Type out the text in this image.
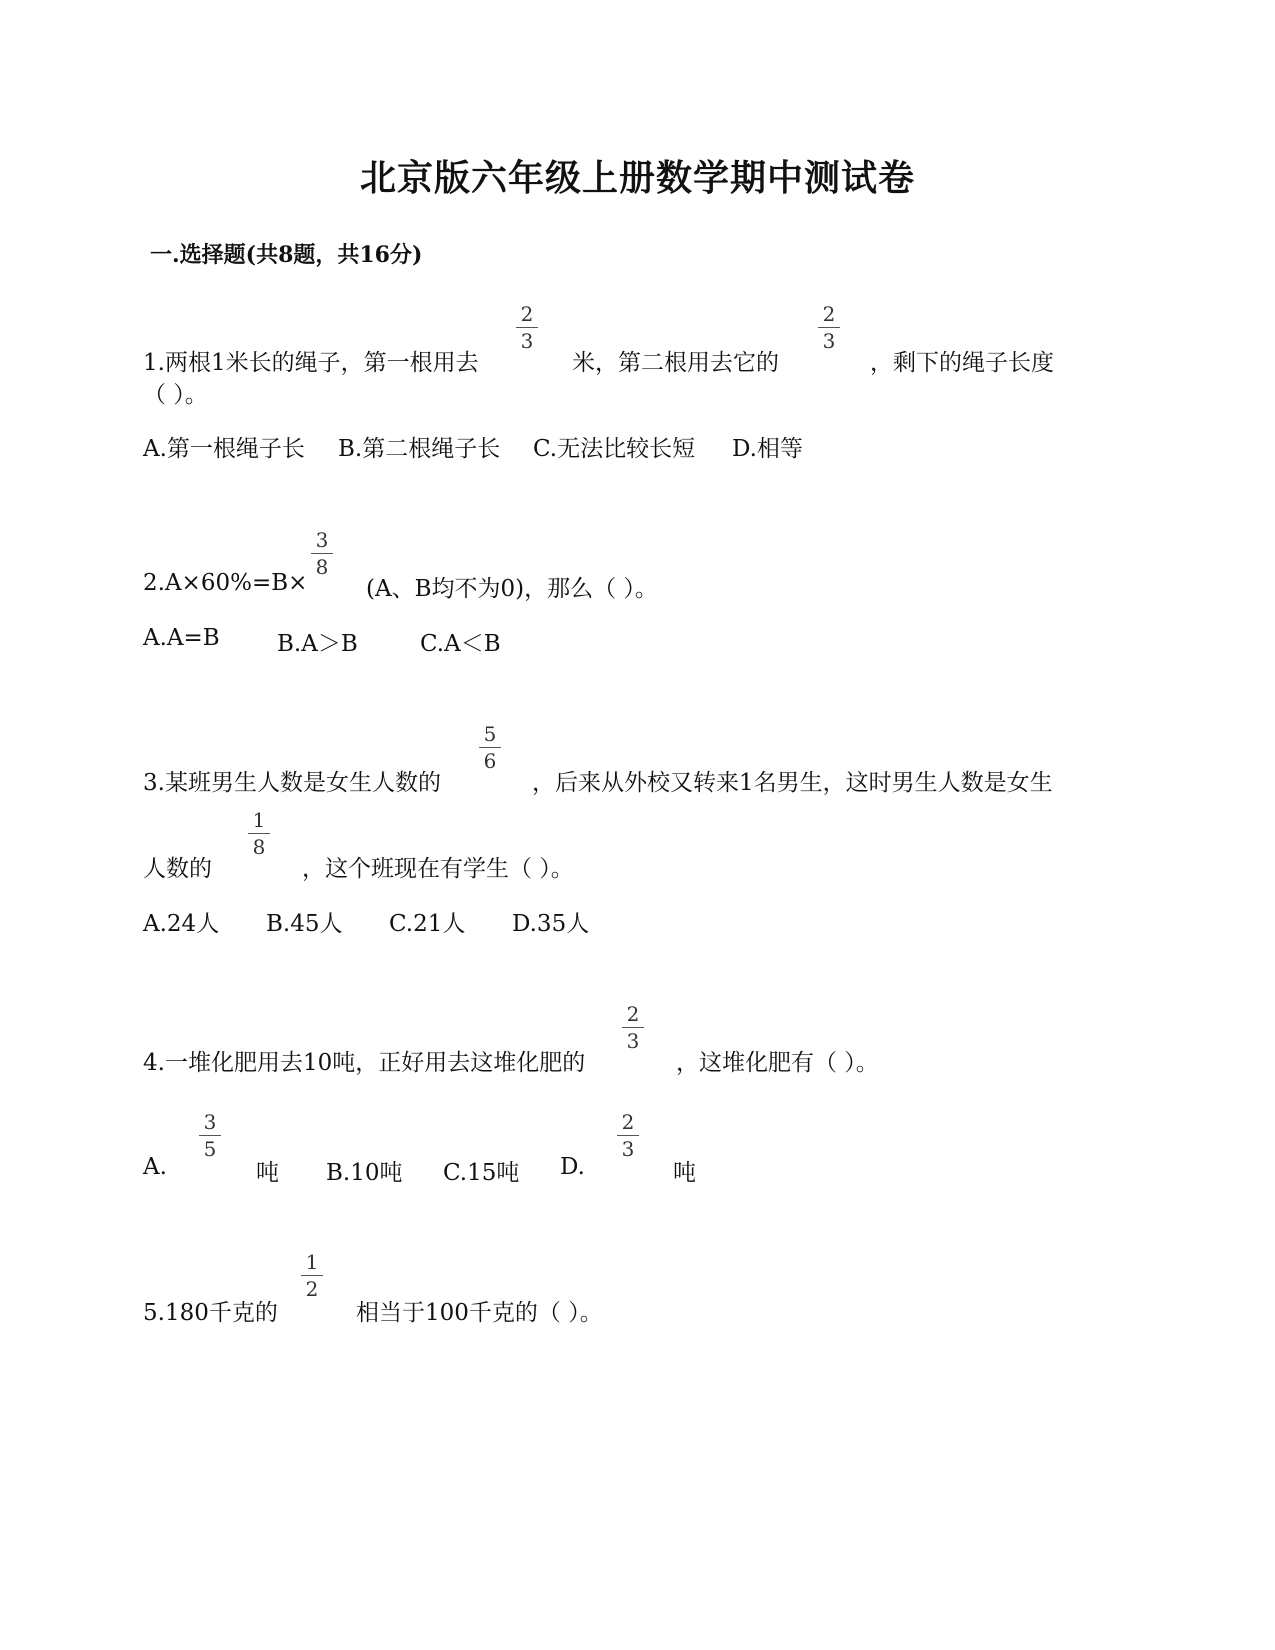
北京版六年级上册数学期中测试卷
一.选择题(共8题，共16分)
1.两根1米长的绳子，第一根用去
2
3
米，第二根用去它的
2
3
，剩下的绳子长度
（ ）。
A.第一根绳子长 B.第二根绳子长 C.无法比较长短 D.相等
2.A×60%=B×
3
8
(A、B均不为0)，那么（ ）。
A.A=B B.A＞B	C.A＜B
3.某班男生人数是女生人数的
5
6
，后来从外校又转来1名男生，这时男生人数是女生
人数的
1
8
，这个班现在有学生（ ）。
A.24人 B.45人 C.21人 D.35人
4.一堆化肥用去10吨，正好用去这堆化肥的
2
3
，这堆化肥有（ ）。
A.
3
5
吨 B.10吨 C.15吨 D.
2
3
吨
5.180千克的
1
2
相当于100千克的（ ）。
